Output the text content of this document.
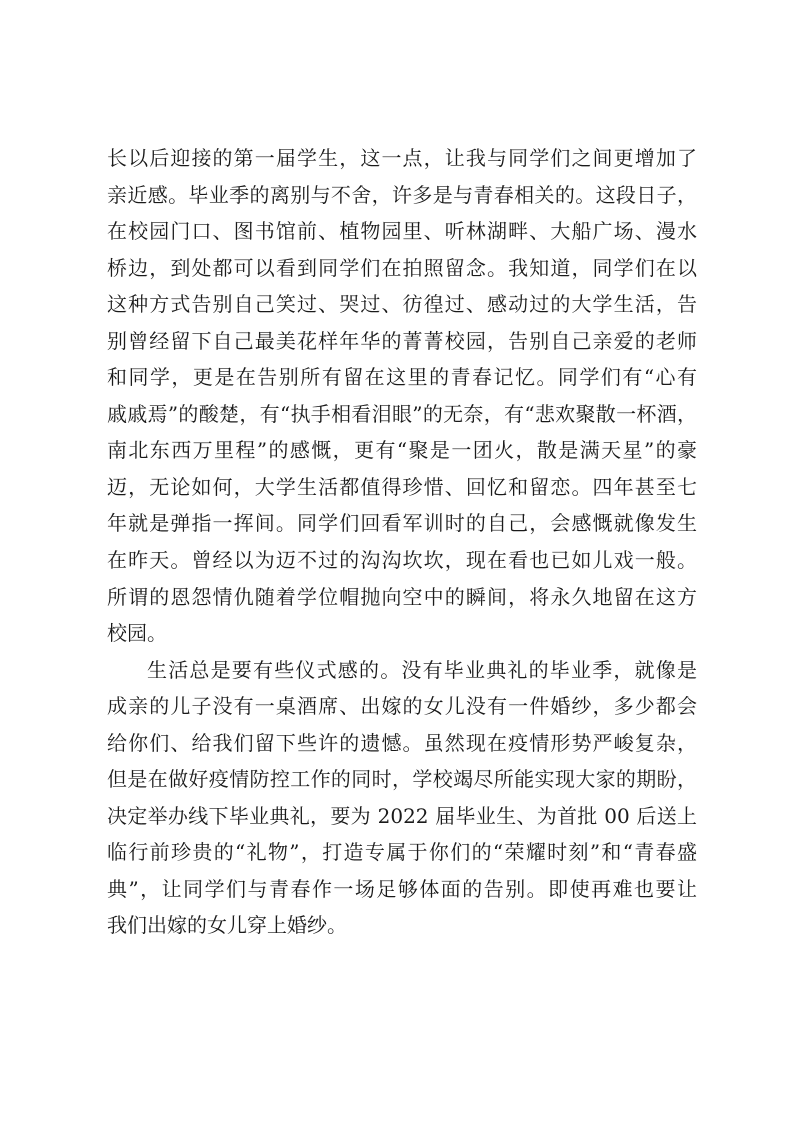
长以后迎接的第一届学生，这一点，让我与同学们之间更增加了
亲近感。毕业季的离别与不舍，许多是与青春相关的。这段日子，
在校园门口、图书馆前、植物园里、听林湖畔、大船广场、漫水
桥边，到处都可以看到同学们在拍照留念。我知道，同学们在以
这种方式告别自己笑过、哭过、彷徨过、感动过的大学生活，告
别曾经留下自己最美花样年华的菁菁校园，告别自己亲爱的老师
和同学，更是在告别所有留在这里的青春记忆。同学们有“心有
戚戚焉”的酸楚，有“执手相看泪眼”的无奈，有“悲欢聚散一杯酒，
南北东西万里程”的感慨，更有“聚是一团火，散是满天星”的豪
迈，无论如何，大学生活都值得珍惜、回忆和留恋。四年甚至七
年就是弹指一挥间。同学们回看军训时的自己，会感慨就像发生
在昨天。曾经以为迈不过的沟沟坎坎，现在看也已如儿戏一般。
所谓的恩怨情仇随着学位帽抛向空中的瞬间，将永久地留在这方
校园。
生活总是要有些仪式感的。没有毕业典礼的毕业季，就像是
成亲的儿子没有一桌酒席、出嫁的女儿没有一件婚纱，多少都会
给你们、给我们留下些许的遗憾。虽然现在疫情形势严峻复杂，
但是在做好疫情防控工作的同时，学校竭尽所能实现大家的期盼，
决定举办线下毕业典礼，要为 2022 届毕业生、为首批 00 后送上
临行前珍贵的“礼物”，打造专属于你们的“荣耀时刻”和“青春盛
典”，让同学们与青春作一场足够体面的告别。即使再难也要让
我们出嫁的女儿穿上婚纱。
